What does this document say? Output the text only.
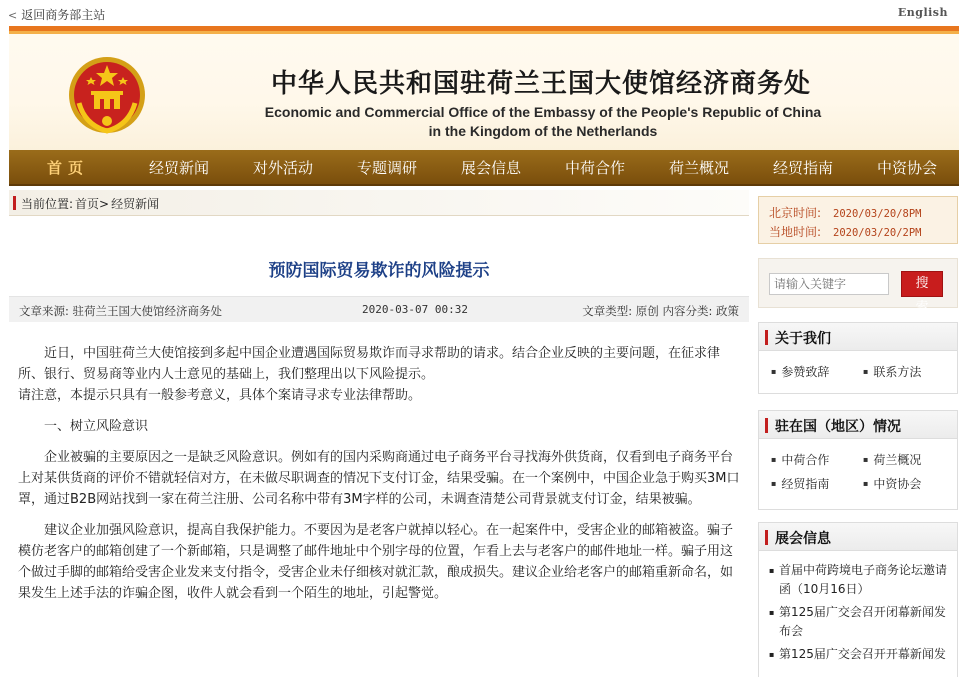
< 返回商务部主站	English
中华人民共和国驻荷兰王国大使馆经济商务处
Economic and Commercial Office of the Embassy of the People's Republic of China
in the Kingdom of the Netherlands
首页	经贸新闻	对外活动	专题调研	展会信息	中荷合作	荷兰概况	经贸指南	中资协会
当前位置: 首页> 经贸新闻
预防国际贸易欺诈的风险提示
文章来源: 驻荷兰王国大使馆经济商务处	2020-03-07 00:32	文章类型: 原创 内容分类: 政策

近日，中国驻荷兰大使馆接到多起中国企业遭遇国际贸易欺诈而寻求帮助的请求。结合企业反映的主要问题，在征求律所、银行、贸易商等业内人士意见的基础上，我们整理出以下风险提示。

请注意，本提示只具有一般参考意义，具体个案请寻求专业法律帮助。

一、树立风险意识

企业被骗的主要原因之一是缺乏风险意识。例如有的国内采购商通过电子商务平台寻找海外供货商，仅看到电子商务平台上对某供货商的评价不错就轻信对方，在未做尽职调查的情况下支付订金，结果受骗。在一个案例中，中国企业急于购买3M口罩，通过B2B网站找到一家在荷兰注册、公司名称中带有3M字样的公司，未调查清楚公司背景就支付订金，结果被骗。

建议企业加强风险意识，提高自我保护能力。不要因为是老客户就掉以轻心。在一起案件中，受害企业的邮箱被盗。骗子模仿老客户的邮箱创建了一个新邮箱，只是调整了邮件地址中个别字母的位置，乍看上去与老客户的邮件地址一样。骗子用这个做过手脚的邮箱给受害企业发来支付指令，受害企业未仔细核对就汇款，酿成损失。建议企业给老客户的邮箱重新命名，如果发生上述手法的诈骗企图，收件人就会看到一个陌生的地址，引起警觉。

北京时间: 2020/03/20/8PM
当地时间: 2020/03/20/2PM
请输入关键字
搜 索
关于我们
▪ 参赞致辞	▪ 联系方法
驻在国（地区）情况
▪ 中荷合作	▪ 荷兰概况
▪ 经贸指南	▪ 中资协会
展会信息
▪ 首届中荷跨境电子商务论坛邀请函（10月16日）
▪ 第125届广交会召开闭幕新闻发布会
▪ 第125届广交会召开开幕新闻发
